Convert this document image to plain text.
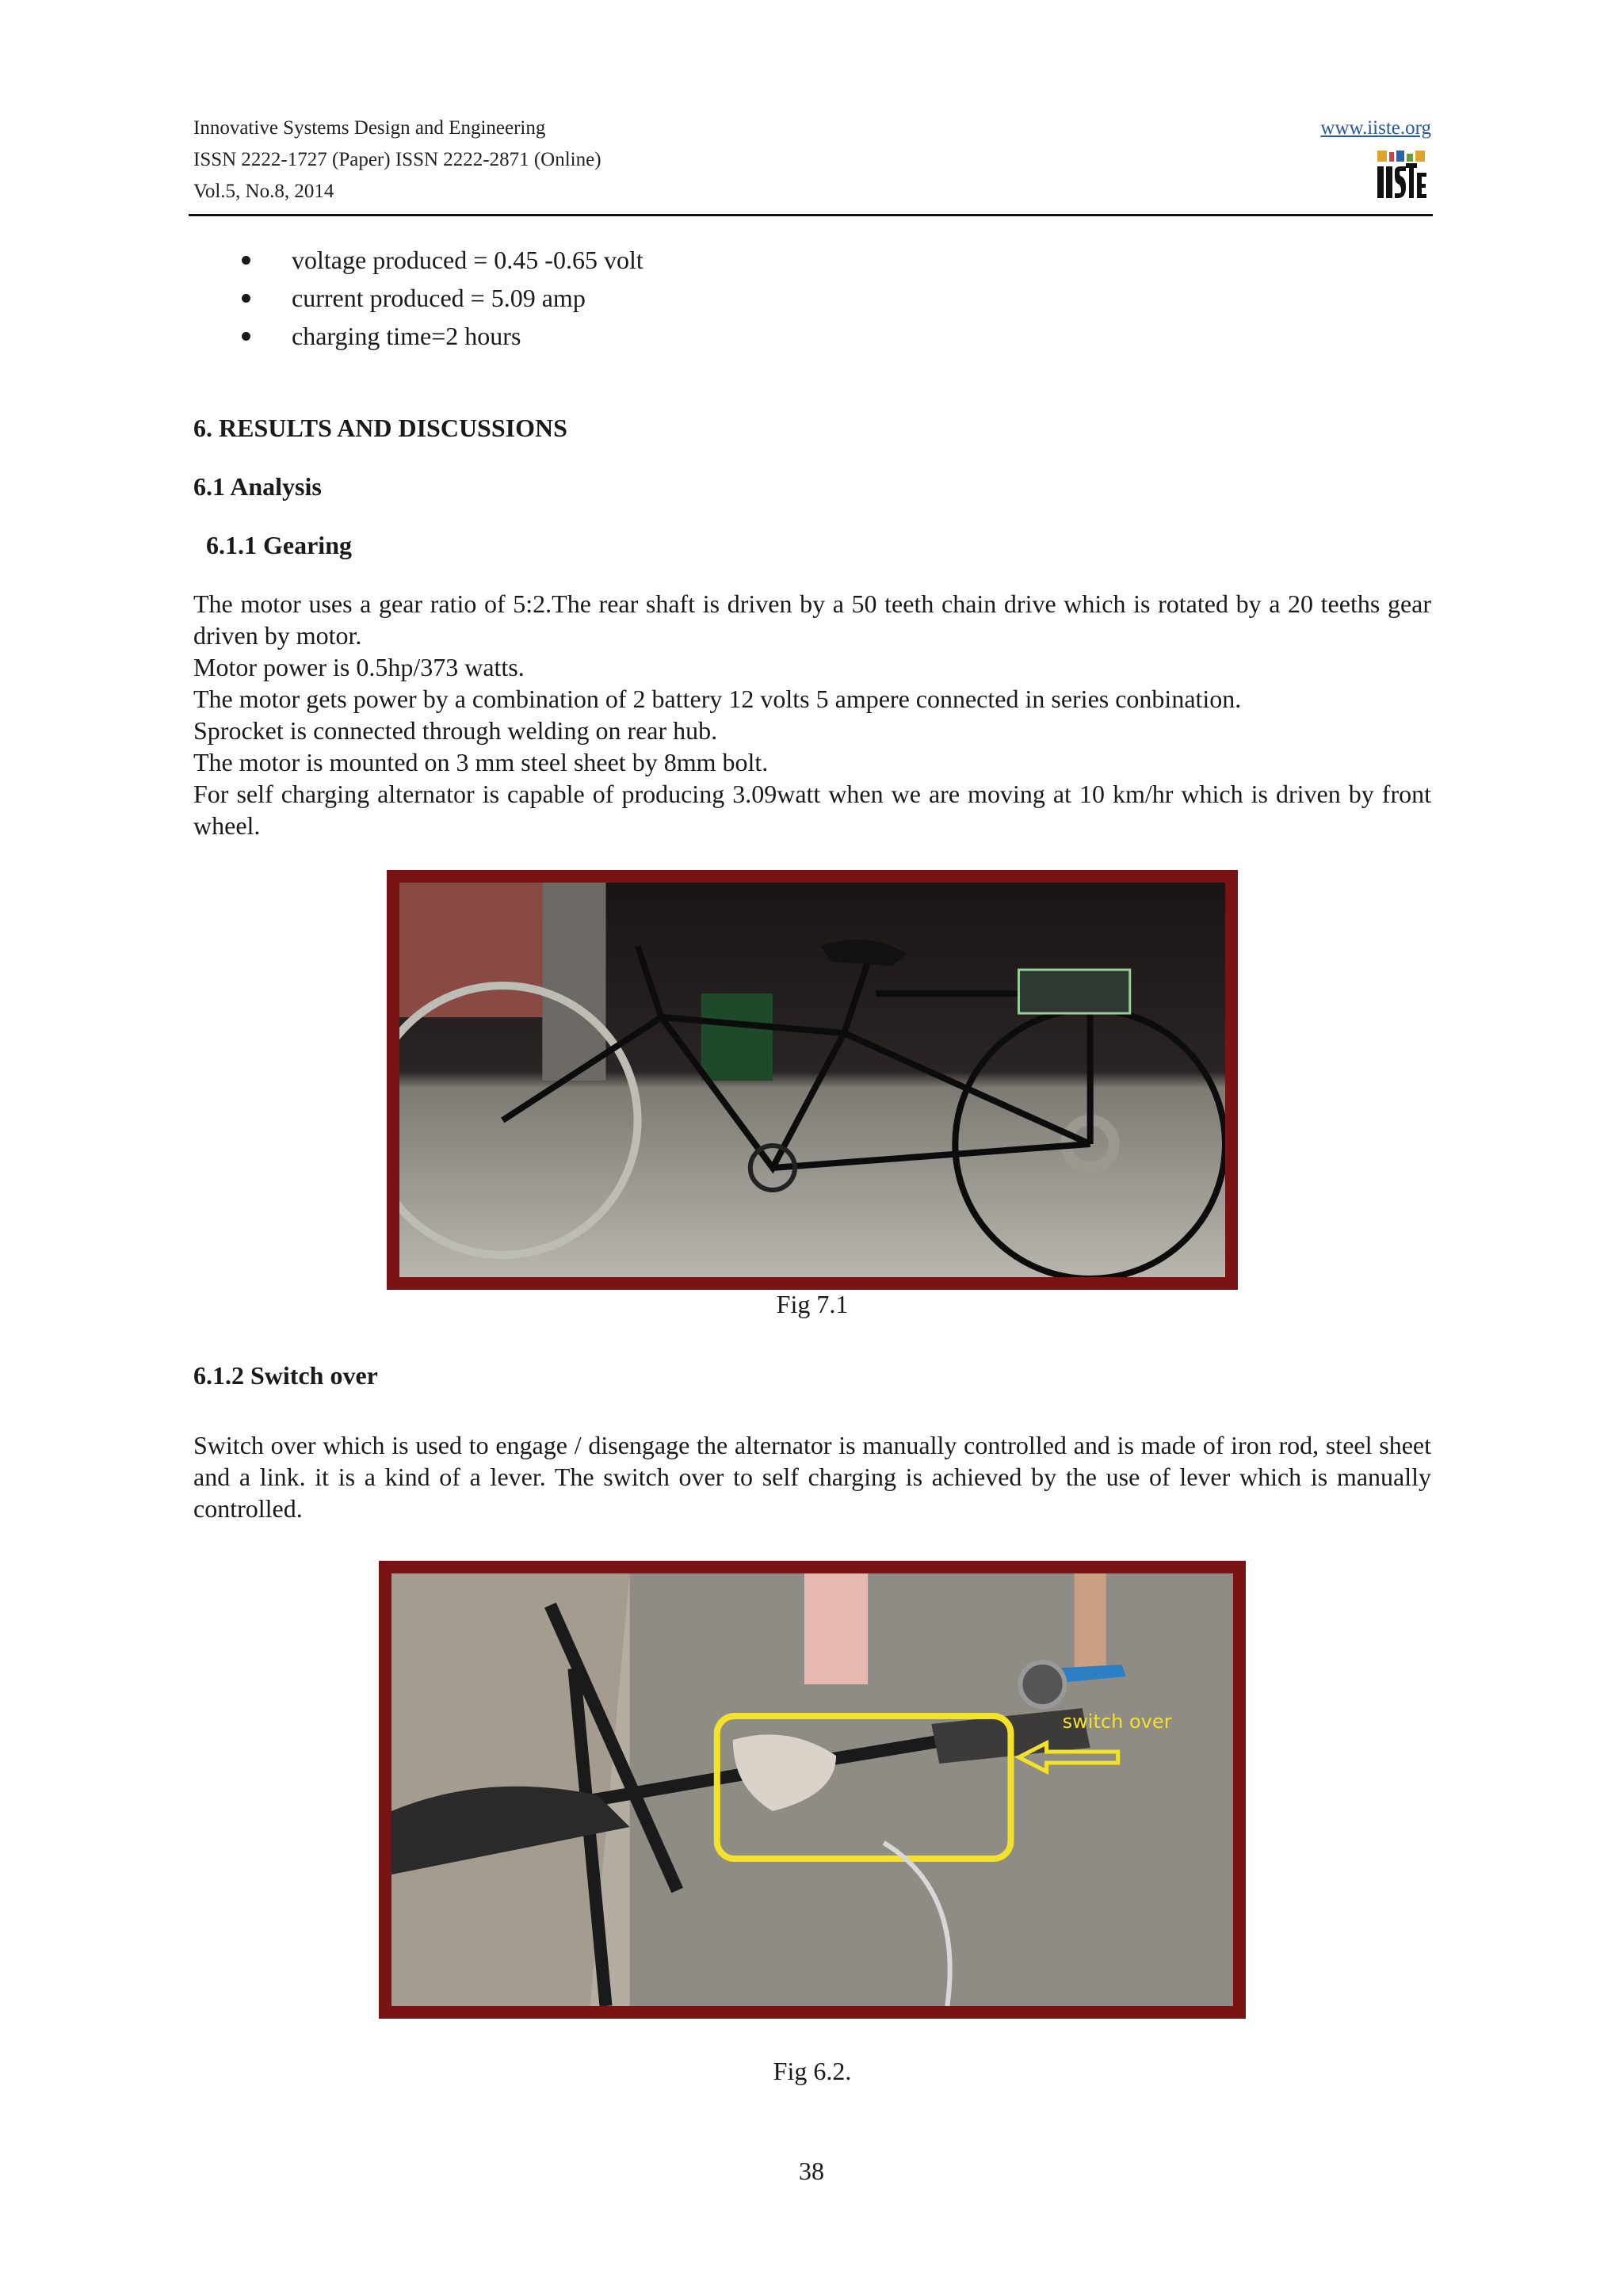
Innovative Systems Design and Engineering
ISSN 2222-1727 (Paper) ISSN 2222-2871 (Online)
Vol.5, No.8, 2014
www.iiste.org
voltage produced = 0.45 -0.65 volt
current produced = 5.09 amp
charging time=2 hours
6. RESULTS AND DISCUSSIONS
6.1 Analysis
6.1.1 Gearing
The motor uses a gear ratio of 5:2.The rear shaft is driven by a 50 teeth chain drive which is rotated by a 20 teeths gear driven by motor.
Motor power is 0.5hp/373 watts.
The motor gets power by a combination of 2 battery 12 volts 5 ampere connected in series conbination.
Sprocket is connected through welding on rear hub.
The motor is mounted on 3 mm steel sheet by 8mm bolt.
For self charging alternator is capable of producing 3.09watt when we are moving at 10 km/hr which is driven by front wheel.
Fig 7.1
6.1.2 Switch over
Switch over which is used to engage / disengage the alternator is manually controlled and is made of iron rod, steel sheet and a link. it is a kind of a lever. The switch over to self charging is achieved by the use of lever which is manually controlled.
switch over
Fig 6.2.
38
